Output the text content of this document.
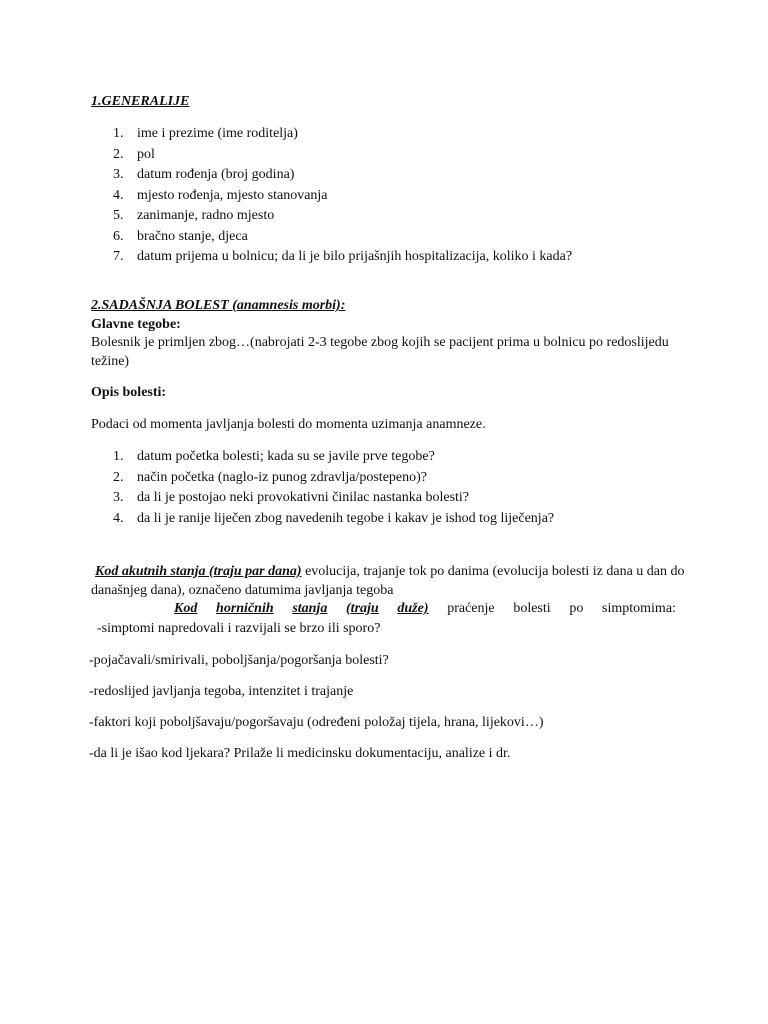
1.GENERALIJE
1. ime i prezime (ime roditelja)
2. pol
3. datum rođenja (broj godina)
4. mjesto rođenja, mjesto stanovanja
5. zanimanje, radno mjesto
6. bračno stanje, djeca
7. datum prijema u bolnicu; da li je bilo prijašnjih hospitalizacija, koliko i kada?
2.SADAŠNJA BOLEST (anamnesis morbi):
Glavne tegobe:
Bolesnik je primljen zbog…(nabrojati 2-3 tegobe zbog kojih se pacijent prima u bolnicu po redoslijedu
težine)
Opis bolesti:
Podaci od momenta javljanja bolesti do momenta uzimanja anamneze.
1. datum početka bolesti; kada su se javile prve tegobe?
2. način početka (naglo-iz punog zdravlja/postepeno)?
3. da li je postojao neki provokativni činilac nastanka bolesti?
4. da li je ranije liječen zbog navedenih tegobe i kakav je ishod tog liječenja?
Kod akutnih stanja (traju par dana) evolucija, trajanje tok po danima (evolucija bolesti iz dana u dan do
današnjeg dana), označeno datumima javljanja tegoba
Kod horničnih stanja (traju duže) praćenje bolesti po simptomima:
-simptomi napredovali i razvijali se brzo ili sporo?
-pojačavali/smirivali, poboljšanja/pogoršanja bolesti?
-redoslijed javljanja tegoba, intenzitet i trajanje
-faktori koji poboljšavaju/pogoršavaju (određeni položaj tijela, hrana, lijekovi…)
-da li je išao kod ljekara? Prilaže li medicinsku dokumentaciju, analize i dr.
